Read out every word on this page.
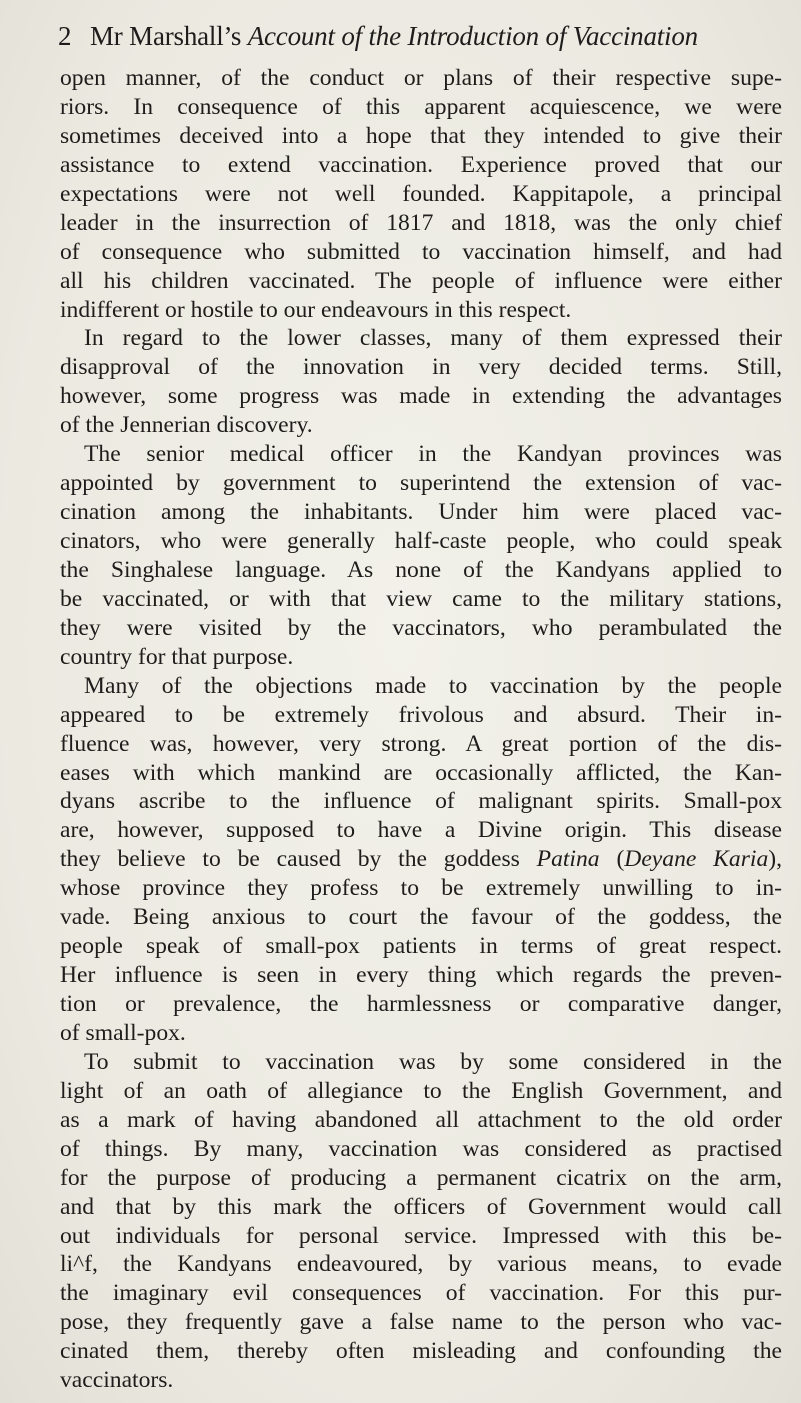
2 Mr Marshall’s Account of the Introduction of Vaccination
open manner, of the conduct or plans of their respective supe-
riors. In consequence of this apparent acquiescence, we were
sometimes deceived into a hope that they intended to give their
assistance to extend vaccination. Experience proved that our
expectations were not well founded. Kappitapole, a principal
leader in the insurrection of 1817 and 1818, was the only chief
of consequence who submitted to vaccination himself, and had
all his children vaccinated. The people of influence were either
indifferent or hostile to our endeavours in this respect.
In regard to the lower classes, many of them expressed their
disapproval of the innovation in very decided terms. Still,
however, some progress was made in extending the advantages
of the Jennerian discovery.
The senior medical officer in the Kandyan provinces was
appointed by government to superintend the extension of vac-
cination among the inhabitants. Under him were placed vac-
cinators, who were generally half-caste people, who could speak
the Singhalese language. As none of the Kandyans applied to
be vaccinated, or with that view came to the military stations,
they were visited by the vaccinators, who perambulated the
country for that purpose.
Many of the objections made to vaccination by the people
appeared to be extremely frivolous and absurd. Their in-
fluence was, however, very strong. A great portion of the dis-
eases with which mankind are occasionally afflicted, the Kan-
dyans ascribe to the influence of malignant spirits. Small-pox
are, however, supposed to have a Divine origin. This disease
they believe to be caused by the goddess Patina (Deyane Karia),
whose province they profess to be extremely unwilling to in-
vade. Being anxious to court the favour of the goddess, the
people speak of small-pox patients in terms of great respect.
Her influence is seen in every thing which regards the preven-
tion or prevalence, the harmlessness or comparative danger,
of small-pox.
To submit to vaccination was by some considered in the
light of an oath of allegiance to the English Government, and
as a mark of having abandoned all attachment to the old order
of things. By many, vaccination was considered as practised
for the purpose of producing a permanent cicatrix on the arm,
and that by this mark the officers of Government would call
out individuals for personal service. Impressed with this be-
li^f, the Kandyans endeavoured, by various means, to evade
the imaginary evil consequences of vaccination. For this pur-
pose, they frequently gave a false name to the person who vac-
cinated them, thereby often misleading and confounding the
vaccinators.
